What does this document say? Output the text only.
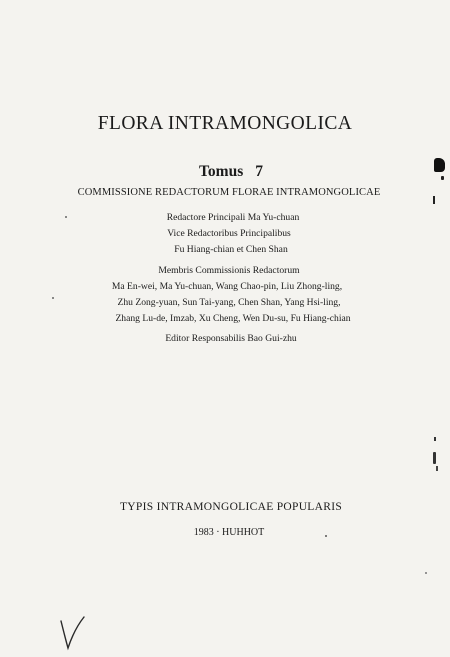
FLORA INTRAMONGOLICA
Tomus 7
COMMISSIONE REDACTORUM FLORAE INTRAMONGOLICAE
Redactore Principali Ma Yu-chuan
Vice Redactoribus Principalibus
Fu Hiang-chian et Chen Shan
Membris Commissionis Redactorum
Ma En-wei, Ma Yu-chuan, Wang Chao-pin, Liu Zhong-ling,
Zhu Zong-yuan, Sun Tai-yang, Chen Shan, Yang Hsi-ling,
Zhang Lu-de, Imzab, Xu Cheng, Wen Du-su, Fu Hiang-chian
Editor Responsabilis Bao Gui-zhu
TYPIS INTRAMONGOLICAE POPULARIS
1983 · HUHHOT
